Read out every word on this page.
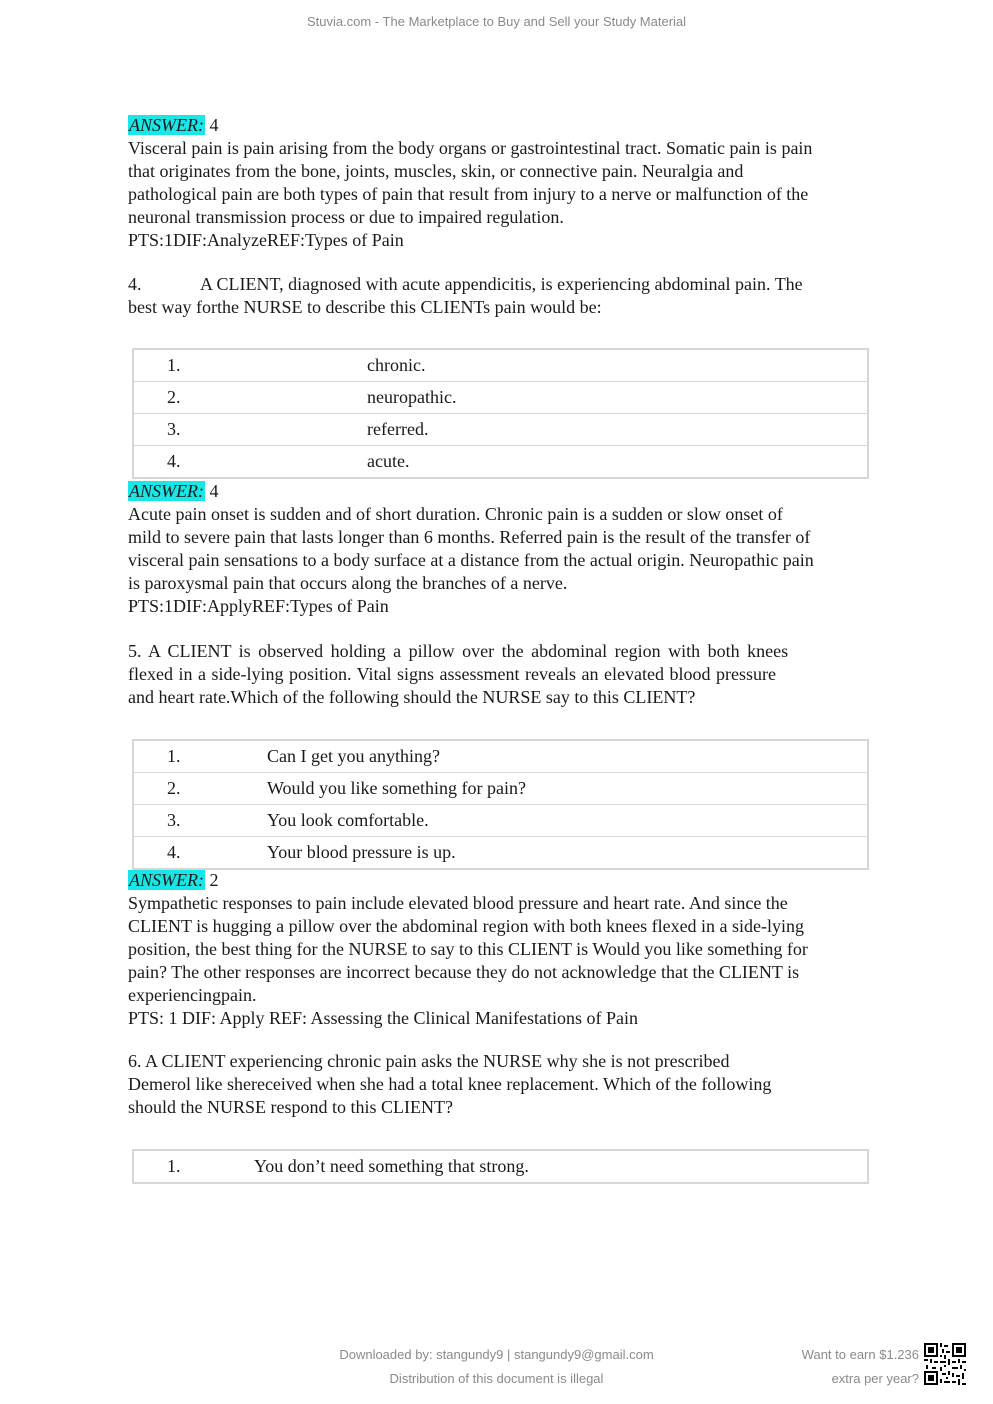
Stuvia.com - The Marketplace to Buy and Sell your Study Material

ANSWER: 4

Visceral pain is pain arising from the body organs or gastrointestinal tract. Somatic pain is pain

that originates from the bone, joints, muscles, skin, or connective pain. Neuralgia and

pathological pain are both types of pain that result from injury to a nerve or malfunction of the

neuronal transmission process or due to impaired regulation.

PTS:1DIF:AnalyzeREF:Types of Pain

4.	A CLIENT, diagnosed with acute appendicitis, is experiencing abdominal pain. The

best way forthe NURSE to describe this CLIENTs pain would be:

1.	chronic.
2.	neuropathic.
3.	referred.
4.	acute.

ANSWER: 4

Acute pain onset is sudden and of short duration. Chronic pain is a sudden or slow onset of

mild to severe pain that lasts longer than 6 months. Referred pain is the result of the transfer of

visceral pain sensations to a body surface at a distance from the actual origin. Neuropathic pain

is paroxysmal pain that occurs along the branches of a nerve.

PTS:1DIF:ApplyREF:Types of Pain

5. A CLIENT is observed holding a pillow over the abdominal region with both knees

flexed in a side-lying position. Vital signs assessment reveals an elevated blood pressure

and heart rate.Which of the following should the NURSE say to this CLIENT?

1.	Can I get you anything?
2.	Would you like something for pain?
3.	You look comfortable.
4.	Your blood pressure is up.

ANSWER: 2

Sympathetic responses to pain include elevated blood pressure and heart rate. And since the

CLIENT is hugging a pillow over the abdominal region with both knees flexed in a side-lying

position, the best thing for the NURSE to say to this CLIENT is Would you like something for

pain? The other responses are incorrect because they do not acknowledge that the CLIENT is

experiencingpain.

PTS: 1 DIF: Apply REF: Assessing the Clinical Manifestations of Pain

6. A CLIENT experiencing chronic pain asks the NURSE why she is not prescribed

Demerol like shereceived when she had a total knee replacement. Which of the following

should the NURSE respond to this CLIENT?

1.	You don’t need something that strong.
Downloaded by: stangundy9 | stangundy9@gmail.com
Distribution of this document is illegal
Want to earn $1.236
extra per year?
